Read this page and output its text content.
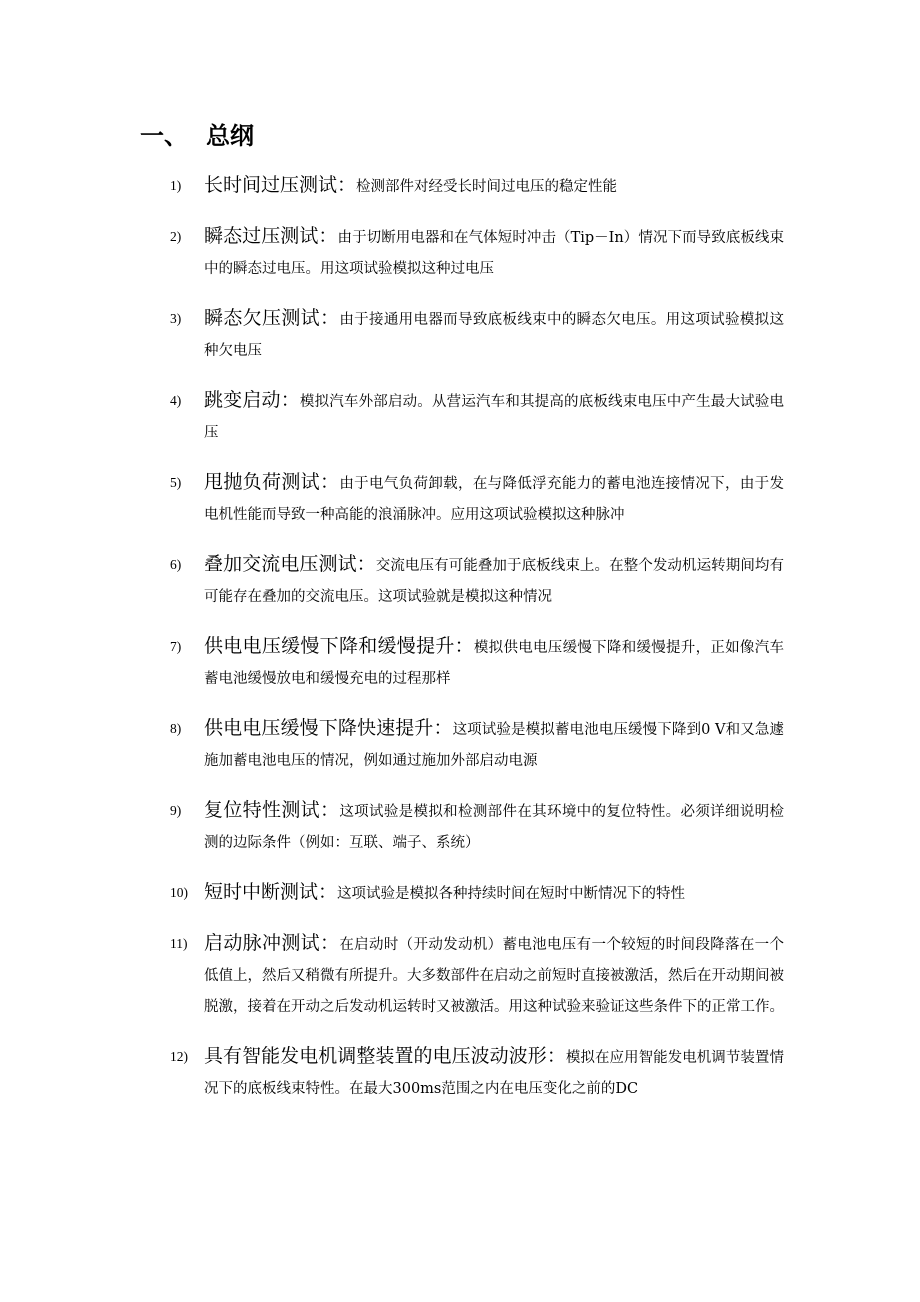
一、 总纲
1) 长时间过压测试：检测部件对经受长时间过电压的稳定性能
2) 瞬态过压测试：由于切断用电器和在气体短时冲击（Tip－In）情况下而导致底板线束中的瞬态过电压。用这项试验模拟这种过电压
3) 瞬态欠压测试：由于接通用电器而导致底板线束中的瞬态欠电压。用这项试验模拟这种欠电压
4) 跳变启动：模拟汽车外部启动。从营运汽车和其提高的底板线束电压中产生最大试验电压
5) 甩抛负荷测试：由于电气负荷卸载，在与降低浮充能力的蓄电池连接情况下，由于发电机性能而导致一种高能的浪涌脉冲。应用这项试验模拟这种脉冲
6) 叠加交流电压测试：交流电压有可能叠加于底板线束上。在整个发动机运转期间均有可能存在叠加的交流电压。这项试验就是模拟这种情况
7) 供电电压缓慢下降和缓慢提升：模拟供电电压缓慢下降和缓慢提升，正如像汽车蓄电池缓慢放电和缓慢充电的过程那样
8) 供电电压缓慢下降快速提升：这项试验是模拟蓄电池电压缓慢下降到0 V和又急遽施加蓄电池电压的情况，例如通过施加外部启动电源
9) 复位特性测试：这项试验是模拟和检测部件在其环境中的复位特性。必须详细说明检测的边际条件（例如：互联、端子、系统）
10) 短时中断测试：这项试验是模拟各种持续时间在短时中断情况下的特性
11) 启动脉冲测试：在启动时（开动发动机）蓄电池电压有一个较短的时间段降落在一个低值上，然后又稍微有所提升。大多数部件在启动之前短时直接被激活，然后在开动期间被脱激，接着在开动之后发动机运转时又被激活。用这种试验来验证这些条件下的正常工作。
12) 具有智能发电机调整装置的电压波动波形：模拟在应用智能发电机调节装置情况下的底板线束特性。在最大300ms范围之内在电压变化之前的DC
